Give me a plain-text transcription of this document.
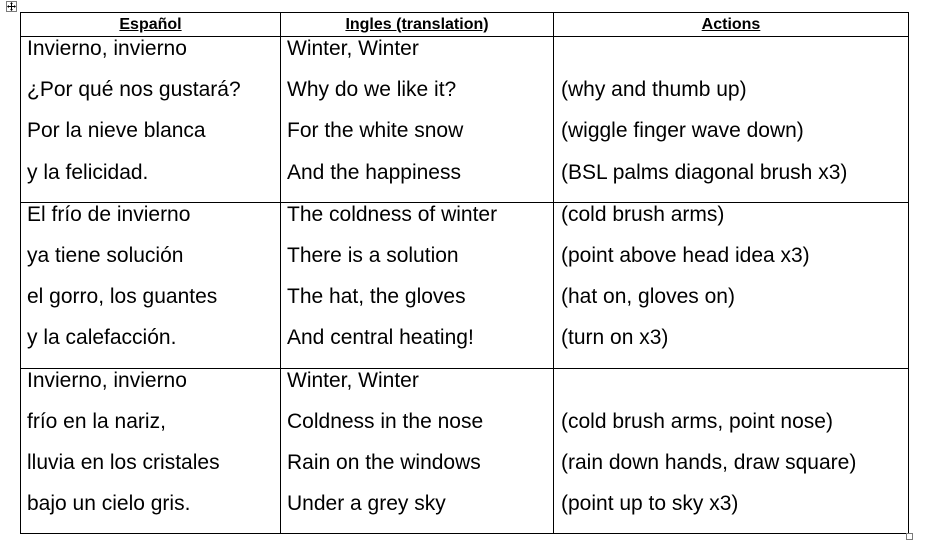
Español	Ingles (translation)	Actions

Invierno, invierno
¿Por qué nos gustará?
Por la nieve blanca
y la felicidad.	Winter, Winter
Why do we like it?
For the white snow
And the happiness	(why and thumb up)
(wiggle finger wave down)
(BSL palms diagonal brush x3)

El frío de invierno
ya tiene solución
el gorro, los guantes
y la calefacción.	The coldness of winter
There is a solution
The hat, the gloves
And central heating!	(cold brush arms)
(point above head idea x3)
(hat on, gloves on)
(turn on x3)

Invierno, invierno
frío en la nariz,
lluvia en los cristales
bajo un cielo gris.	Winter, Winter
Coldness in the nose
Rain on the windows
Under a grey sky	(cold brush arms, point nose)
(rain down hands, draw square)
(point up to sky x3)
